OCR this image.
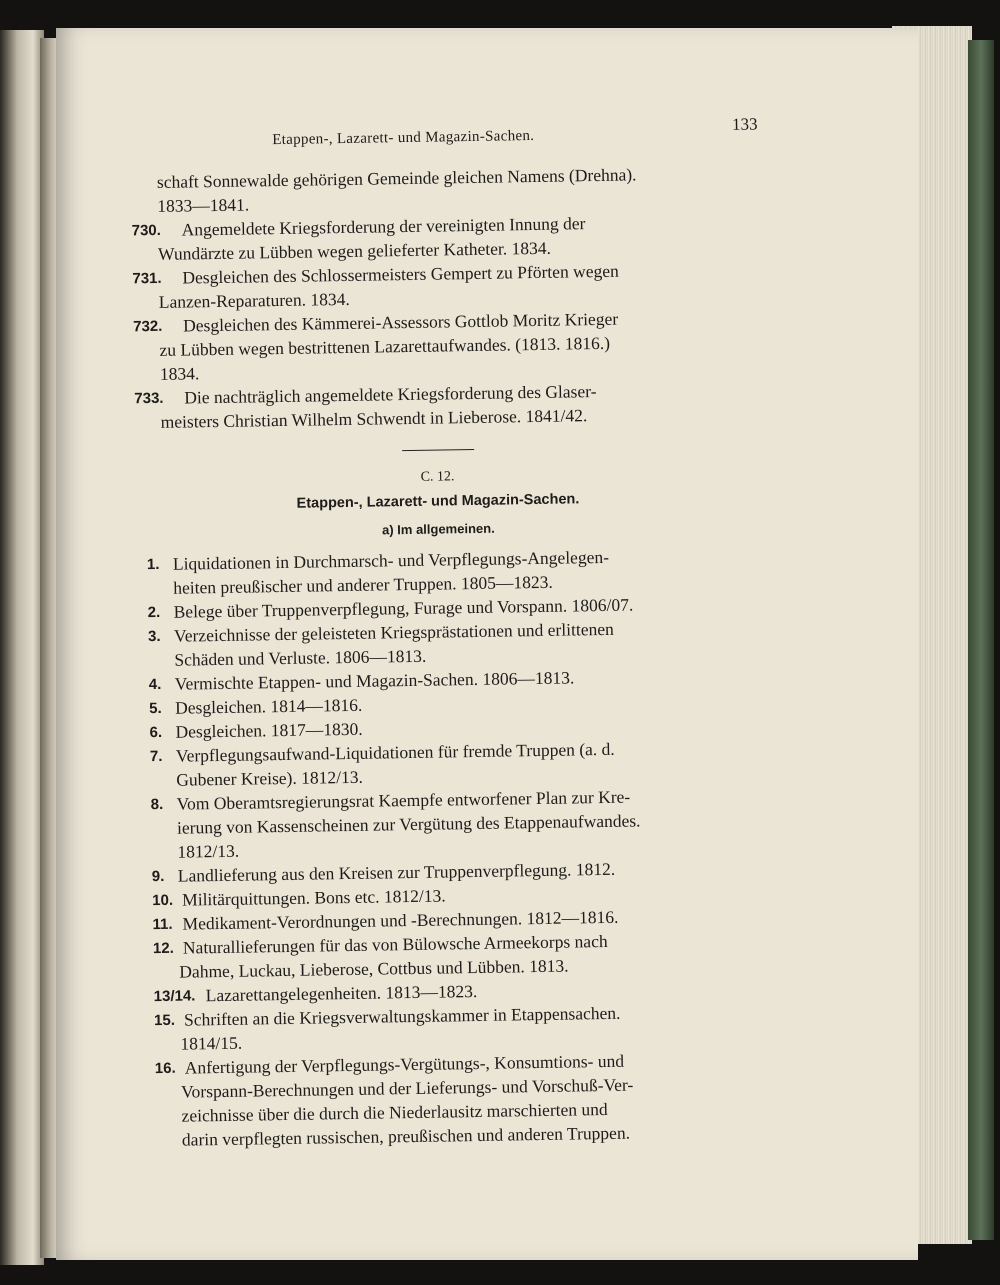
Etappen-, Lazarett- und Magazin-Sachen.
133
schaft Sonnewalde gehörigen Gemeinde gleichen Namens (Drehna).
1833—1841.
730. Angemeldete Kriegsforderung der vereinigten Innung der
Wundärzte zu Lübben wegen gelieferter Katheter. 1834.
731. Desgleichen des Schlossermeisters Gempert zu Pförten wegen
Lanzen-Reparaturen. 1834.
732. Desgleichen des Kämmerei-Assessors Gottlob Moritz Krieger
zu Lübben wegen bestrittenen Lazarettaufwandes. (1813. 1816.)
1834.
733. Die nachträglich angemeldete Kriegsforderung des Glaser-
meisters Christian Wilhelm Schwendt in Lieberose. 1841/42.
C. 12.
Etappen-, Lazarett- und Magazin-Sachen.
a) Im allgemeinen.
1. Liquidationen in Durchmarsch- und Verpflegungs-Angelegen-
heiten preußischer und anderer Truppen. 1805—1823.
2. Belege über Truppenverpflegung, Furage und Vorspann. 1806/07.
3. Verzeichnisse der geleisteten Kriegsprästationen und erlittenen
Schäden und Verluste. 1806—1813.
4. Vermischte Etappen- und Magazin-Sachen. 1806—1813.
5. Desgleichen. 1814—1816.
6. Desgleichen. 1817—1830.
7. Verpflegungsaufwand-Liquidationen für fremde Truppen (a. d.
Gubener Kreise). 1812/13.
8. Vom Oberamtsregierungsrat Kaempfe entworfener Plan zur Kre-
ierung von Kassenscheinen zur Vergütung des Etappenaufwandes.
1812/13.
9. Landlieferung aus den Kreisen zur Truppenverpflegung. 1812.
10. Militärquittungen. Bons etc. 1812/13.
11. Medikament-Verordnungen und -Berechnungen. 1812—1816.
12. Naturallieferungen für das von Bülowsche Armeekorps nach
Dahme, Luckau, Lieberose, Cottbus und Lübben. 1813.
13/14. Lazarettangelegenheiten. 1813—1823.
15. Schriften an die Kriegsverwaltungskammer in Etappensachen.
1814/15.
16. Anfertigung der Verpflegungs-Vergütungs-, Konsumtions- und
Vorspann-Berechnungen und der Lieferungs- und Vorschuß-Ver-
zeichnisse über die durch die Niederlausitz marschierten und
darin verpflegten russischen, preußischen und anderen Truppen.
